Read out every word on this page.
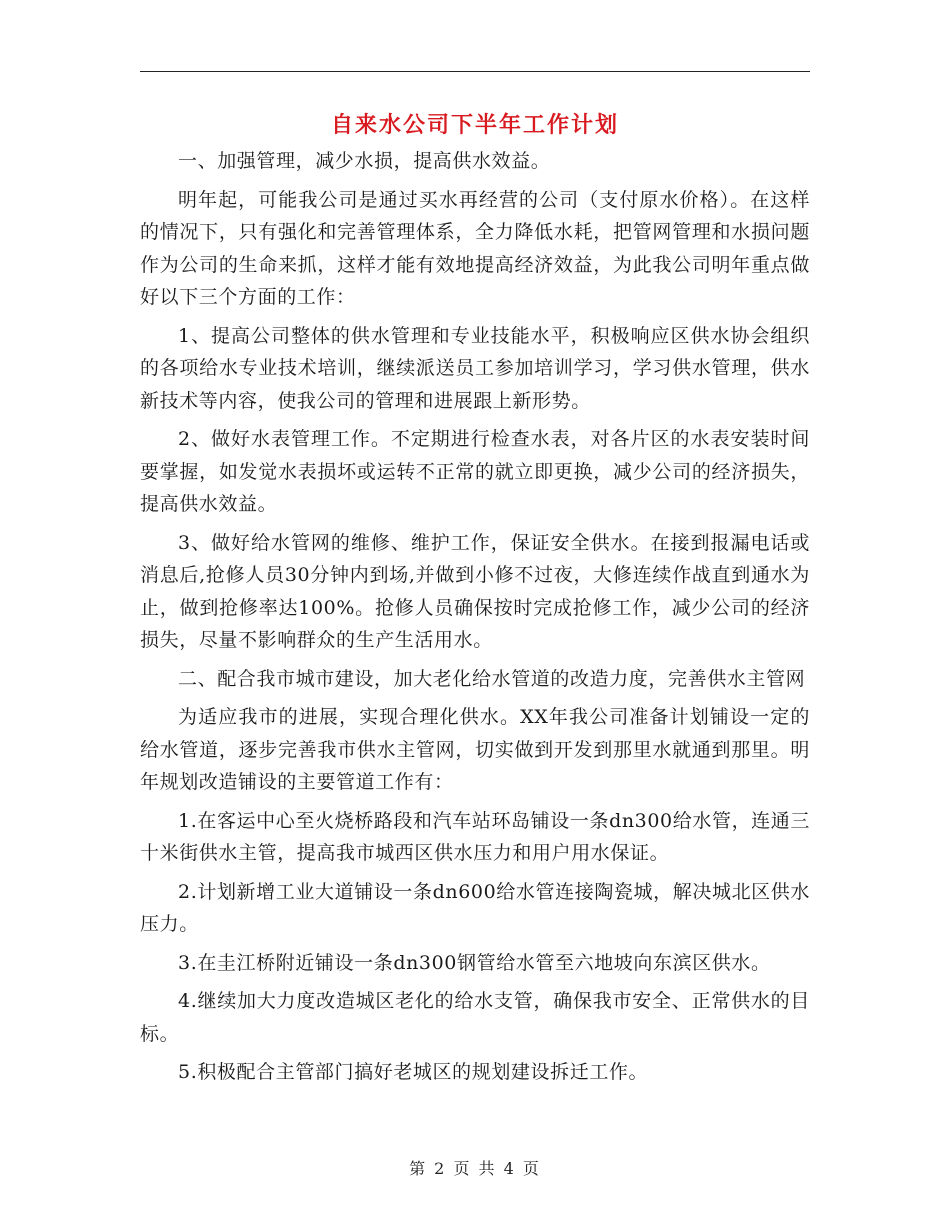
自来水公司下半年工作计划

一、加强管理，减少水损，提高供水效益。

明年起，可能我公司是通过买水再经营的公司（支付原水价格）。在这样的情况下，只有强化和完善管理体系，全力降低水耗，把管网管理和水损问题作为公司的生命来抓，这样才能有效地提高经济效益，为此我公司明年重点做好以下三个方面的工作：

1、提高公司整体的供水管理和专业技能水平，积极响应区供水协会组织的各项给水专业技术培训，继续派送员工参加培训学习，学习供水管理，供水新技术等内容，使我公司的管理和进展跟上新形势。

2、做好水表管理工作。不定期进行检查水表，对各片区的水表安装时间要掌握，如发觉水表损坏或运转不正常的就立即更换，减少公司的经济损失，提高供水效益。

3、做好给水管网的维修、维护工作，保证安全供水。在接到报漏电话或消息后,抢修人员30分钟内到场,并做到小修不过夜，大修连续作战直到通水为止，做到抢修率达100%。抢修人员确保按时完成抢修工作，减少公司的经济损失，尽量不影响群众的生产生活用水。

二、配合我市城市建设，加大老化给水管道的改造力度，完善供水主管网

为适应我市的进展，实现合理化供水。XX年我公司准备计划铺设一定的给水管道，逐步完善我市供水主管网，切实做到开发到那里水就通到那里。明年规划改造铺设的主要管道工作有：

1.在客运中心至火烧桥路段和汽车站环岛铺设一条dn300给水管，连通三十米街供水主管，提高我市城西区供水压力和用户用水保证。

2.计划新增工业大道铺设一条dn600给水管连接陶瓷城，解决城北区供水压力。

3.在圭江桥附近铺设一条dn300钢管给水管至六地坡向东滨区供水。

4.继续加大力度改造城区老化的给水支管，确保我市安全、正常供水的目标。

5.积极配合主管部门搞好老城区的规划建设拆迁工作。

第 2 页 共 4 页
